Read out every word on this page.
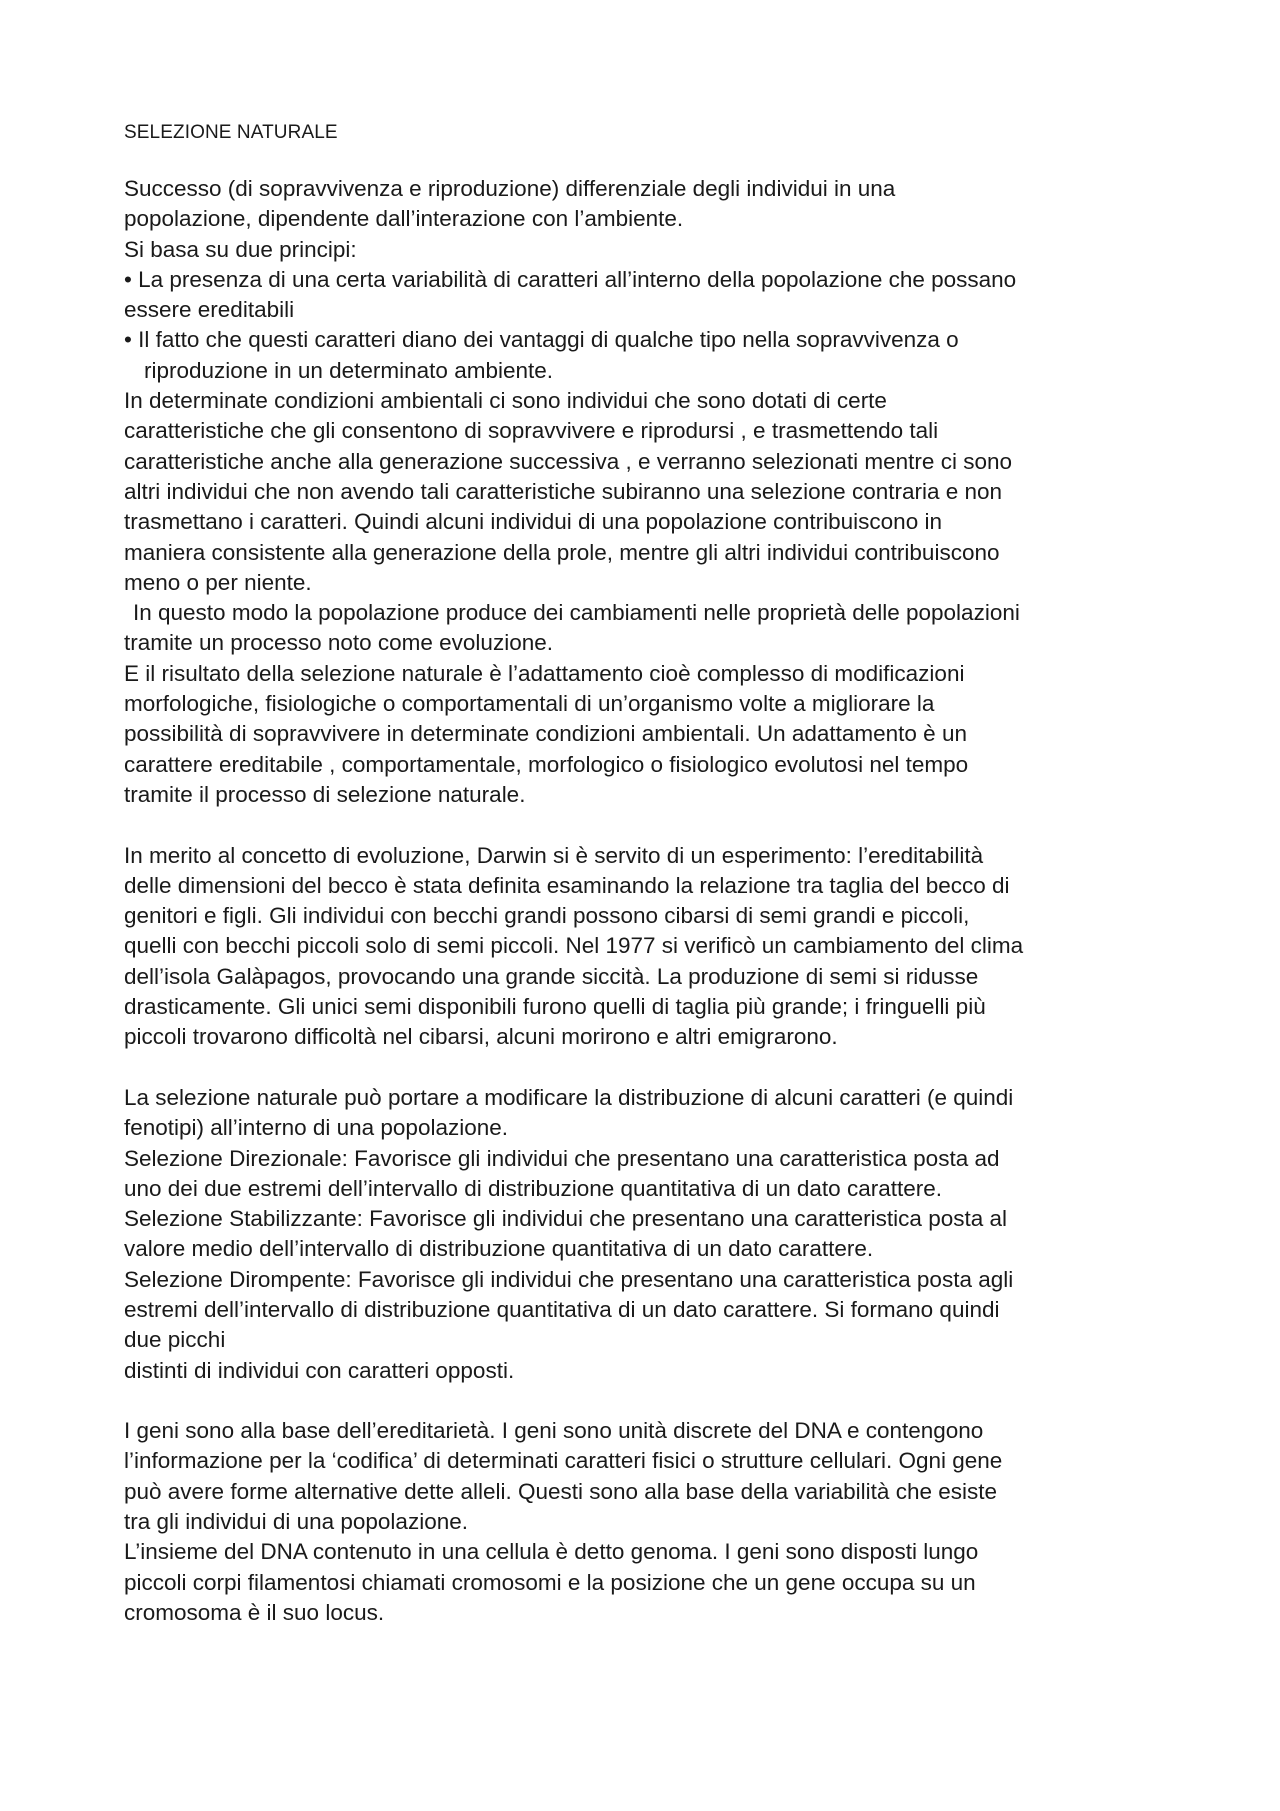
SELEZIONE NATURALE
Successo (di sopravvivenza e riproduzione) differenziale degli individui in una
popolazione, dipendente dall’interazione con l’ambiente.
Si basa su due principi:
• La presenza di una certa variabilità di caratteri all’interno della popolazione che possano
essere ereditabili
• Il fatto che questi caratteri diano dei vantaggi di qualche tipo nella sopravvivenza o
riproduzione in un determinato ambiente.
In determinate condizioni ambientali ci sono individui che sono dotati di certe
caratteristiche che gli consentono di sopravvivere e riprodursi , e trasmettendo tali
caratteristiche anche alla generazione successiva , e verranno selezionati mentre ci sono
altri individui che non avendo tali caratteristiche subiranno una selezione contraria e non
trasmettano i caratteri. Quindi alcuni individui di una popolazione contribuiscono in
maniera consistente alla generazione della prole, mentre gli altri individui contribuiscono
meno o per niente.
In questo modo la popolazione produce dei cambiamenti nelle proprietà delle popolazioni
tramite un processo noto come evoluzione.
E il risultato della selezione naturale è l’adattamento cioè complesso di modificazioni
morfologiche, fisiologiche o comportamentali di un’organismo volte a migliorare la
possibilità di sopravvivere in determinate condizioni ambientali. Un adattamento è un
carattere ereditabile , comportamentale, morfologico o fisiologico evolutosi nel tempo
tramite il processo di selezione naturale.
In merito al concetto di evoluzione, Darwin si è servito di un esperimento: l’ereditabilità
delle dimensioni del becco è stata definita esaminando la relazione tra taglia del becco di
genitori e figli. Gli individui con becchi grandi possono cibarsi di semi grandi e piccoli,
quelli con becchi piccoli solo di semi piccoli. Nel 1977 si verificò un cambiamento del clima
dell’isola Galàpagos, provocando una grande siccità. La produzione di semi si ridusse
drasticamente. Gli unici semi disponibili furono quelli di taglia più grande; i fringuelli più
piccoli trovarono difficoltà nel cibarsi, alcuni morirono e altri emigrarono.
La selezione naturale può portare a modificare la distribuzione di alcuni caratteri (e quindi
fenotipi) all’interno di una popolazione.
Selezione Direzionale: Favorisce gli individui che presentano una caratteristica posta ad
uno dei due estremi dell’intervallo di distribuzione quantitativa di un dato carattere.
Selezione Stabilizzante: Favorisce gli individui che presentano una caratteristica posta al
valore medio dell’intervallo di distribuzione quantitativa di un dato carattere.
Selezione Dirompente: Favorisce gli individui che presentano una caratteristica posta agli
estremi dell’intervallo di distribuzione quantitativa di un dato carattere. Si formano quindi
due picchi
distinti di individui con caratteri opposti.
I geni sono alla base dell’ereditarietà. I geni sono unità discrete del DNA e contengono
l’informazione per la ‘codifica’ di determinati caratteri fisici o strutture cellulari. Ogni gene
può avere forme alternative dette alleli. Questi sono alla base della variabilità che esiste
tra gli individui di una popolazione.
L’insieme del DNA contenuto in una cellula è detto genoma. I geni sono disposti lungo
piccoli corpi filamentosi chiamati cromosomi e la posizione che un gene occupa su un
cromosoma è il suo locus.
